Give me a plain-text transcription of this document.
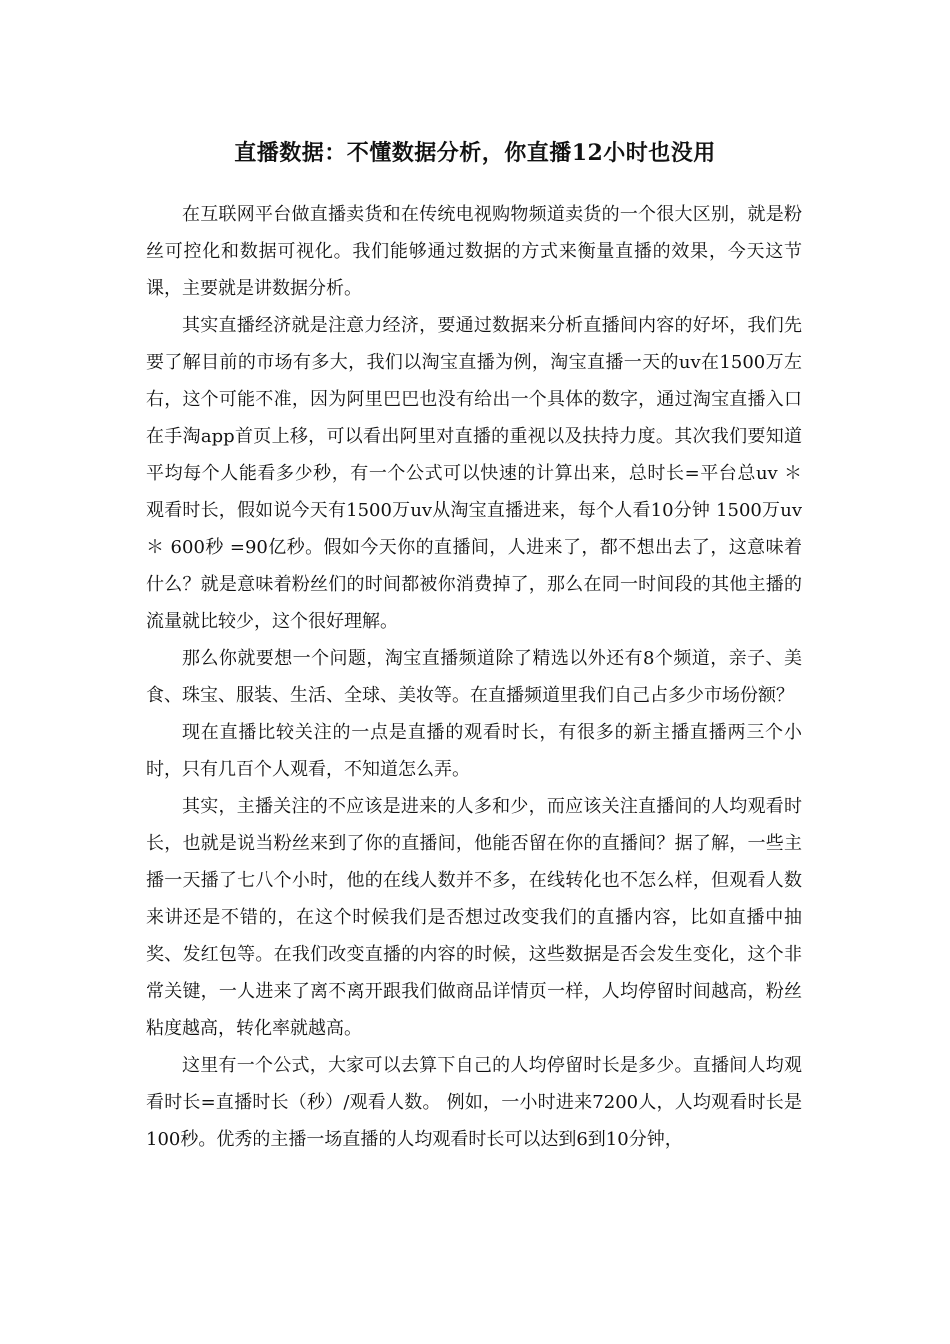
直播数据：不懂数据分析，你直播12小时也没用

在互联网平台做直播卖货和在传统电视购物频道卖货的一个很大区别，就是粉丝可控化和数据可视化。我们能够通过数据的方式来衡量直播的效果，今天这节课，主要就是讲数据分析。

其实直播经济就是注意力经济，要通过数据来分析直播间内容的好坏，我们先要了解目前的市场有多大，我们以淘宝直播为例，淘宝直播一天的uv在1500万左右，这个可能不准，因为阿里巴巴也没有给出一个具体的数字，通过淘宝直播入口在手淘app首页上移，可以看出阿里对直播的重视以及扶持力度。其次我们要知道平均每个人能看多少秒，有一个公式可以快速的计算出来，总时长=平台总uv ＊ 观看时长，假如说今天有1500万uv从淘宝直播进来，每个人看10分钟 1500万uv ＊ 600秒 =90亿秒。假如今天你的直播间，人进来了，都不想出去了，这意味着什么？就是意味着粉丝们的时间都被你消费掉了，那么在同一时间段的其他主播的流量就比较少，这个很好理解。

那么你就要想一个问题，淘宝直播频道除了精选以外还有8个频道，亲子、美食、珠宝、服装、生活、全球、美妆等。在直播频道里我们自己占多少市场份额？

现在直播比较关注的一点是直播的观看时长，有很多的新主播直播两三个小时，只有几百个人观看，不知道怎么弄。

其实，主播关注的不应该是进来的人多和少，而应该关注直播间的人均观看时长，也就是说当粉丝来到了你的直播间，他能否留在你的直播间？据了解，一些主播一天播了七八个小时，他的在线人数并不多，在线转化也不怎么样，但观看人数来讲还是不错的，在这个时候我们是否想过改变我们的直播内容，比如直播中抽奖、发红包等。在我们改变直播的内容的时候，这些数据是否会发生变化，这个非常关键，一人进来了离不离开跟我们做商品详情页一样，人均停留时间越高，粉丝粘度越高，转化率就越高。

这里有一个公式，大家可以去算下自己的人均停留时长是多少。直播间人均观看时长=直播时长（秒）/观看人数。 例如，一小时进来7200人，人均观看时长是100秒。优秀的主播一场直播的人均观看时长可以达到6到10分钟，
